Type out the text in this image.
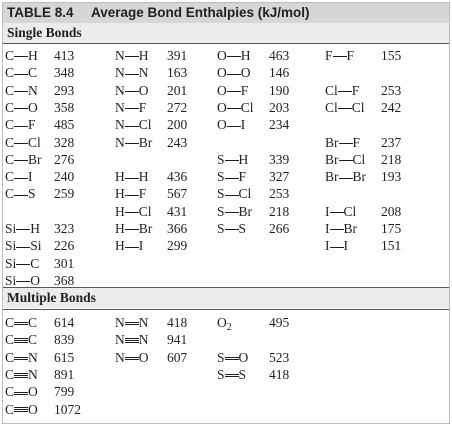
TABLE 8.4 Average Bond Enthalpies (kJ/mol)
Single Bonds
C H 413
C C 348
C N 293
C O 358
C F 485
C Cl 328
C Br 276
C I 240
C S 259
N H 391
N N 163
N O 201
N F 272
N Cl 200
N Br 243
H H 436
H F 567
H Cl 431
H Br 366
H I 299
O H 463
O O 146
O F 190
O Cl 203
O I 234
S H 339
S F 327
S Cl 253
S Br 218
S S 266
F F 155
Cl F 253
Cl Cl 242
Br F 237
Br Cl 218
Br Br 193
I Cl 208
I Br 175
I I 151
Si H 323
Si Si 226
Si C 301
Si O 368
Multiple Bonds
C C 614
C C 839
C N 615
C N 891
C O 799
C O 1072
N N 418
N N 941
N O 607
$O_2$	495
S O 523
S S 418
